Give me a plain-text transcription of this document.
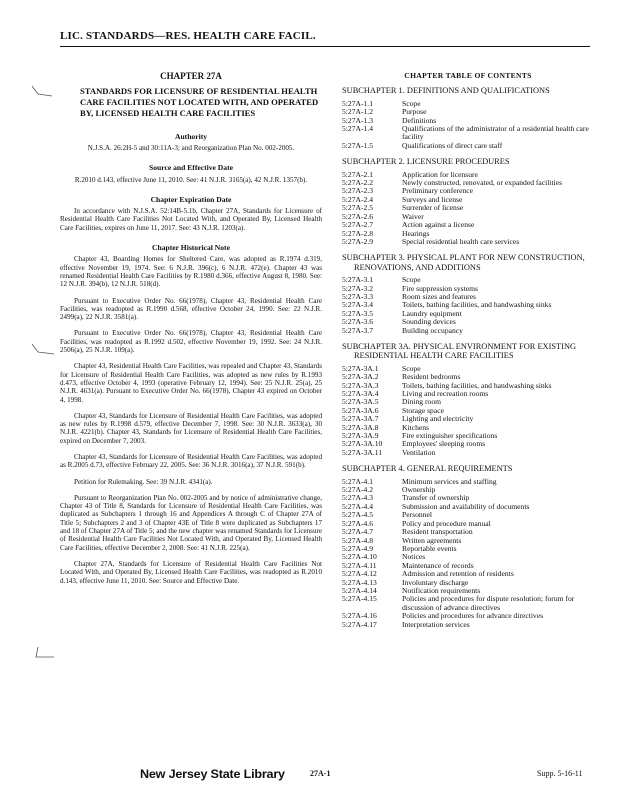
LIC. STANDARDS—RES. HEALTH CARE FACIL.
CHAPTER 27A
STANDARDS FOR LICENSURE OF RESIDENTIAL HEALTH CARE FACILITIES NOT LOCATED WITH, AND OPERATED BY, LICENSED HEALTH CARE FACILITIES
Authority
N.J.S.A. 26:2H-5 and 30:11A-3; and Reorganization Plan No. 002-2005.
Source and Effective Date
R.2010 d.143, effective June 11, 2010. See: 41 N.J.R. 3165(a), 42 N.J.R. 1357(b).
Chapter Expiration Date
In accordance with N.J.S.A. 52:14B-5.1b, Chapter 27A, Standards for Licensure of Residential Health Care Facilities Not Located With, and Operated By, Licensed Health Care Facilities, expires on June 11, 2017. See: 43 N.J.R. 1203(a).
Chapter Historical Note
Chapter 43, Boarding Homes for Sheltered Care, was adopted as R.1974 d.319, effective November 19, 1974. See: 6 N.J.R. 396(c), 6 N.J.R. 472(e). Chapter 43 was renamed Residential Health Care Facilities by R.1980 d.366, effective August 8, 1980. See: 12 N.J.R. 394(b), 12 N.J.R. 518(d).
Pursuant to Executive Order No. 66(1978), Chapter 43, Residential Health Care Facilities, was readopted as R.1990 d.568, effective October 24, 1990. See: 22 N.J.R. 2499(a), 22 N.J.R. 3581(a).
Pursuant to Executive Order No. 66(1978), Chapter 43, Residential Health Care Facilities, was readopted as R.1992 d.502, effective November 19, 1992. See: 24 N.J.R. 2506(a), 25 N.J.R. 109(a).
Chapter 43, Residential Health Care Facilities, was repealed and Chapter 43, Standards for Licensure of Residential Health Care Facilities, was adopted as new rules by R.1993 d.473, effective October 4, 1993 (operative February 12, 1994). See: 25 N.J.R. 25(a), 25 N.J.R. 4631(a). Pursuant to Executive Order No. 66(1978), Chapter 43 expired on October 4, 1998.
Chapter 43, Standards for Licensure of Residential Health Care Facilities, was adopted as new rules by R.1998 d.579, effective December 7, 1998. See: 30 N.J.R. 3633(a), 30 N.J.R. 4221(b). Chapter 43, Standards for Licensure of Residential Health Care Facilities, expired on December 7, 2003.
Chapter 43, Standards for Licensure of Residential Health Care Facilities, was adopted as R.2005 d.73, effective February 22, 2005. See: 36 N.J.R. 3016(a), 37 N.J.R. 591(b).
Petition for Rulemaking. See: 39 N.J.R. 4341(a).
Pursuant to Reorganization Plan No. 002-2005 and by notice of administrative change, Chapter 43 of Title 8, Standards for Licensure of Residential Health Care Facilities, was duplicated as Subchapters 1 through 16 and Appendices A through C of Chapter 27A of Title 5; Subchapters 2 and 3 of Chapter 43E of Title 8 were duplicated as Subchapters 17 and 18 of Chapter 27A of Title 5; and the new chapter was renamed Standards for Licensure of Residential Health Care Facilities Not Located With, and Operated By, Licensed Health Care Facilities, effective December 2, 2008. See: 41 N.J.R. 225(a).
Chapter 27A, Standards for Licensure of Residential Health Care Facilities Not Located With, and Operated By, Licensed Health Care Facilities, was readopted as R.2010 d.143, effective June 11, 2010. See: Source and Effective Date.
CHAPTER TABLE OF CONTENTS
SUBCHAPTER 1. DEFINITIONS AND QUALIFICATIONS
5:27A-1.1	Scope
5:27A-1.2	Purpose
5:27A-1.3	Definitions
5:27A-1.4	Qualifications of the administrator of a residential health care facility
5:27A-1.5	Qualifications of direct care staff
SUBCHAPTER 2. LICENSURE PROCEDURES
5:27A-2.1	Application for licensure
5:27A-2.2	Newly constructed, renovated, or expanded facilities
5:27A-2.3	Preliminary conference
5:27A-2.4	Surveys and license
5:27A-2.5	Surrender of license
5:27A-2.6	Waiver
5:27A-2.7	Action against a license
5:27A-2.8	Hearings
5:27A-2.9	Special residential health care services
SUBCHAPTER 3. PHYSICAL PLANT FOR NEW CONSTRUCTION, RENOVATIONS, AND ADDITIONS
5:27A-3.1	Scope
5:27A-3.2	Fire suppression systems
5:27A-3.3	Room sizes and features
5:27A-3.4	Toilets, bathing facilities, and handwashing sinks
5:27A-3.5	Laundry equipment
5:27A-3.6	Sounding devices
5:27A-3.7	Building occupancy
SUBCHAPTER 3A. PHYSICAL ENVIRONMENT FOR EXISTING RESIDENTIAL HEALTH CARE FACILITIES
5:27A-3A.1	Scope
5:27A-3A.2	Resident bedrooms
5:27A-3A.3	Toilets, bathing facilities, and handwashing sinks
5:27A-3A.4	Living and recreation rooms
5:27A-3A.5	Dining room
5:27A-3A.6	Storage space
5:27A-3A.7	Lighting and electricity
5:27A-3A.8	Kitchens
5:27A-3A.9	Fire extinguisher specifications
5:27A-3A.10	Employees' sleeping rooms
5:27A-3A.11	Ventilation
SUBCHAPTER 4. GENERAL REQUIREMENTS
5:27A-4.1	Minimum services and staffing
5:27A-4.2	Ownership
5:27A-4.3	Transfer of ownership
5:27A-4.4	Submission and availability of documents
5:27A-4.5	Personnel
5:27A-4.6	Policy and procedure manual
5:27A-4.7	Resident transportation
5:27A-4.8	Written agreements
5:27A-4.9	Reportable events
5:27A-4.10	Notices
5:27A-4.11	Maintenance of records
5:27A-4.12	Admission and retention of residents
5:27A-4.13	Involuntary discharge
5:27A-4.14	Notification requirements
5:27A-4.15	Policies and procedures for dispute resolution; forum for discussion of advance directives
5:27A-4.16	Policies and procedures for advance directives
5:27A-4.17	Interpretation services
New Jersey State Library	27A-1	Supp. 5-16-11
